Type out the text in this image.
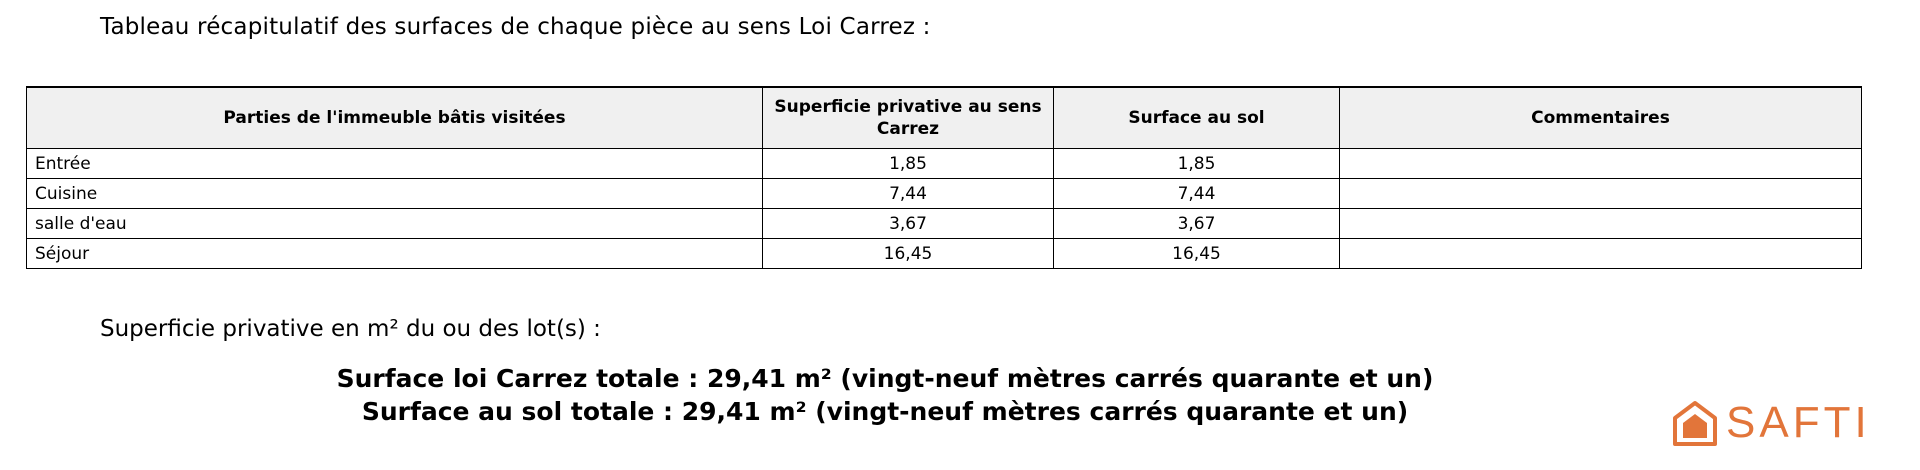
Tableau récapitulatif des surfaces de chaque pièce au sens Loi Carrez :
Parties de l'immeuble bâtis visitées	Superficie privative au sens Carrez	Surface au sol	Commentaires
Entrée	1,85	1,85	
Cuisine	7,44	7,44	
salle d'eau	3,67	3,67	
Séjour	16,45	16,45	
Superficie privative en m² du ou des lot(s) :
Surface loi Carrez totale : 29,41 m² (vingt-neuf mètres carrés quarante et un)
Surface au sol totale : 29,41 m² (vingt-neuf mètres carrés quarante et un)	SAFTI
